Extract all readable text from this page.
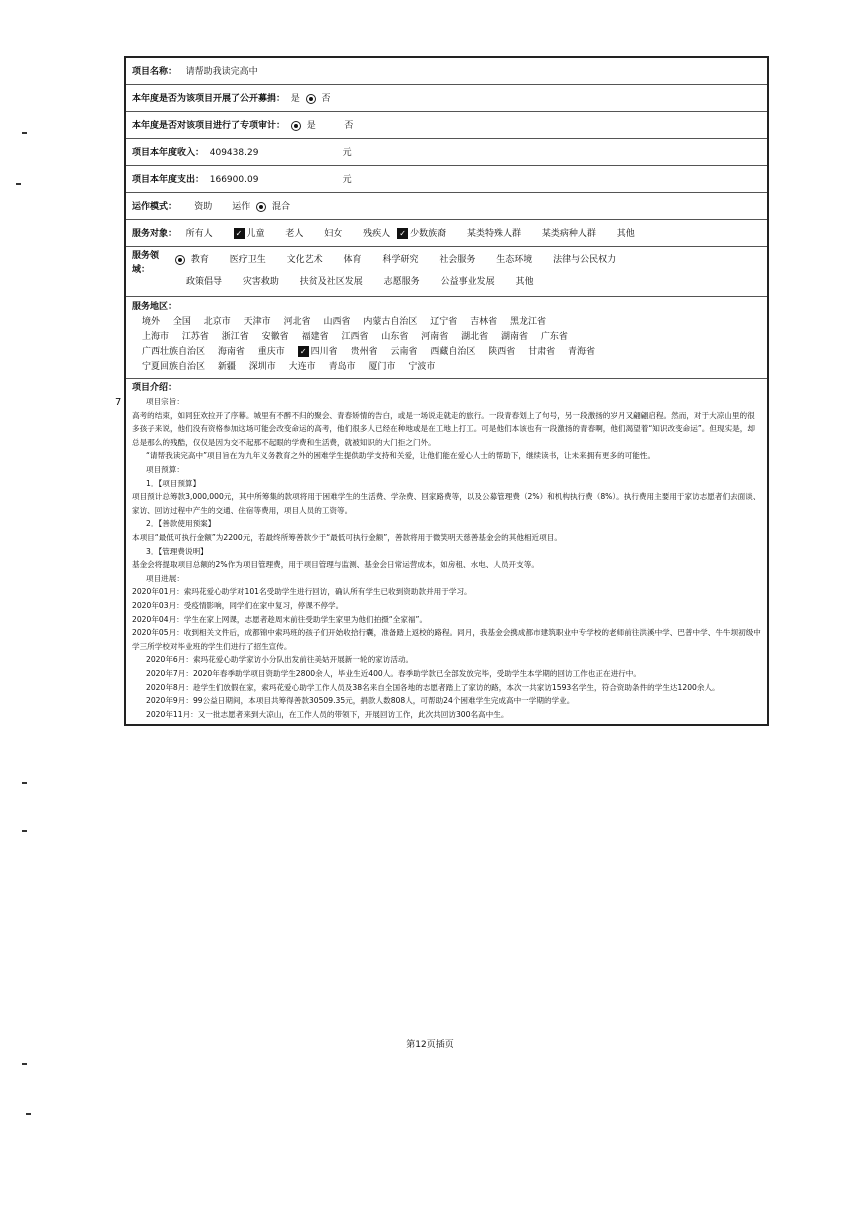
7
项目名称： 请帮助我读完高中
本年度是否为该项目开展了公开募捐： 是 否
本年度是否对该项目进行了专项审计： 是	否
项目本年度收入： 409438.29	元
项目本年度支出： 166900.09	元
运作模式： 资助 运作 混合
服务对象： 所有人	✓ 儿童 老人 妇女 残疾人 ✓ 少数族裔 某类特殊人群 某类病种人群 其他

服务领域：
教育 医疗卫生 文化艺术 体育 科学研究 社会服务 生态环境 法律与公民权力
政策倡导 灾害救助 扶贫及社区发展 志愿服务 公益事业发展 其他

服务地区：
境外 全国 北京市 天津市 河北省 山西省 内蒙古自治区 辽宁省 吉林省 黑龙江省
上海市 江苏省 浙江省 安徽省 福建省 江西省 山东省 河南省 湖北省 湖南省 广东省
广西壮族自治区 海南省 重庆市 ✓ 四川省 贵州省 云南省 西藏自治区 陕西省 甘肃省 青海省
宁夏回族自治区 新疆 深圳市 大连市 青岛市 厦门市 宁波市

项目介绍：
项目宗旨：
高考的结束，如同狂欢拉开了序幕。城里有不醉不归的聚会、青春矫情的告白，或是一场说走就走的旅行。一段青春划上了句号，另一段激扬的岁月又翩翩启程。然而，对于大凉山里的很多孩子来说，他们没有资格参加这场可能会改变命运的高考，他们很多人已经在种地或是在工地上打工。可是他们本该也有一段激扬的青春啊，他们渴望着“知识改变命运”。但现实是，却总是那么的残酷，仅仅是因为交不起那不起眼的学费和生活费，就被知识的大门拒之门外。
“请帮我读完高中”项目旨在为九年义务教育之外的困难学生提供助学支持和关爱，让他们能在爱心人士的帮助下，继续读书，让未来拥有更多的可能性。
项目预算：
1．【项目预算】
项目预计总筹款3,000,000元，其中所筹集的款项将用于困难学生的生活费、学杂费、回家路费等，以及公募管理费（2%）和机构执行费（8%）。执行费用主要用于家访志愿者们去面谈、家访、回访过程中产生的交通、住宿等费用，项目人员的工资等。
2．【善款使用预案】
本项目“最低可执行金额”为2200元，若最终所筹善款少于“最低可执行金额”，善款将用于微笑明天慈善基金会的其他相近项目。
3．【管理费说明】
基金会将提取项目总额的2%作为项目管理费，用于项目管理与监测、基金会日常运营成本，如房租、水电、人员开支等。
项目进展：
2020年01月：索玛花爱心助学对101名受助学生进行回访，确认所有学生已收到资助款并用于学习。
2020年03月：受疫情影响，同学们在家中复习，停课不停学。
2020年04月：学生在家上网课，志愿者趁周末前往受助学生家里为他们拍摄“全家福”。
2020年05月：收到相关文件后，成都锦中索玛班的孩子们开始收拾行囊，准备踏上返校的路程。同月，我基金会携成都市建筑职业中专学校的老师前往洪溪中学、巴普中学、牛牛坝初级中学三所学校对毕业班的学生们进行了招生宣传。
2020年6月：索玛花爱心助学家访小分队出发前往美姑开展新一轮的家访活动。
2020年7月：2020年春季助学项目资助学生2800余人，毕业生近400人。春季助学款已全部发放完毕，受助学生本学期的回访工作也正在进行中。
2020年8月：趁学生们放假在家，索玛花爱心助学工作人员及38名来自全国各地的志愿者踏上了家访的路，本次一共家访1593名学生，符合资助条件的学生达1200余人。
2020年9月：99公益日期间，本项目共筹得善款30509.35元，捐款人数808人，可帮助24个困难学生完成高中一学期的学业。
2020年11月：又一批志愿者来到大凉山，在工作人员的带领下，开展回访工作，此次共回访300名高中生。
第12页插页
